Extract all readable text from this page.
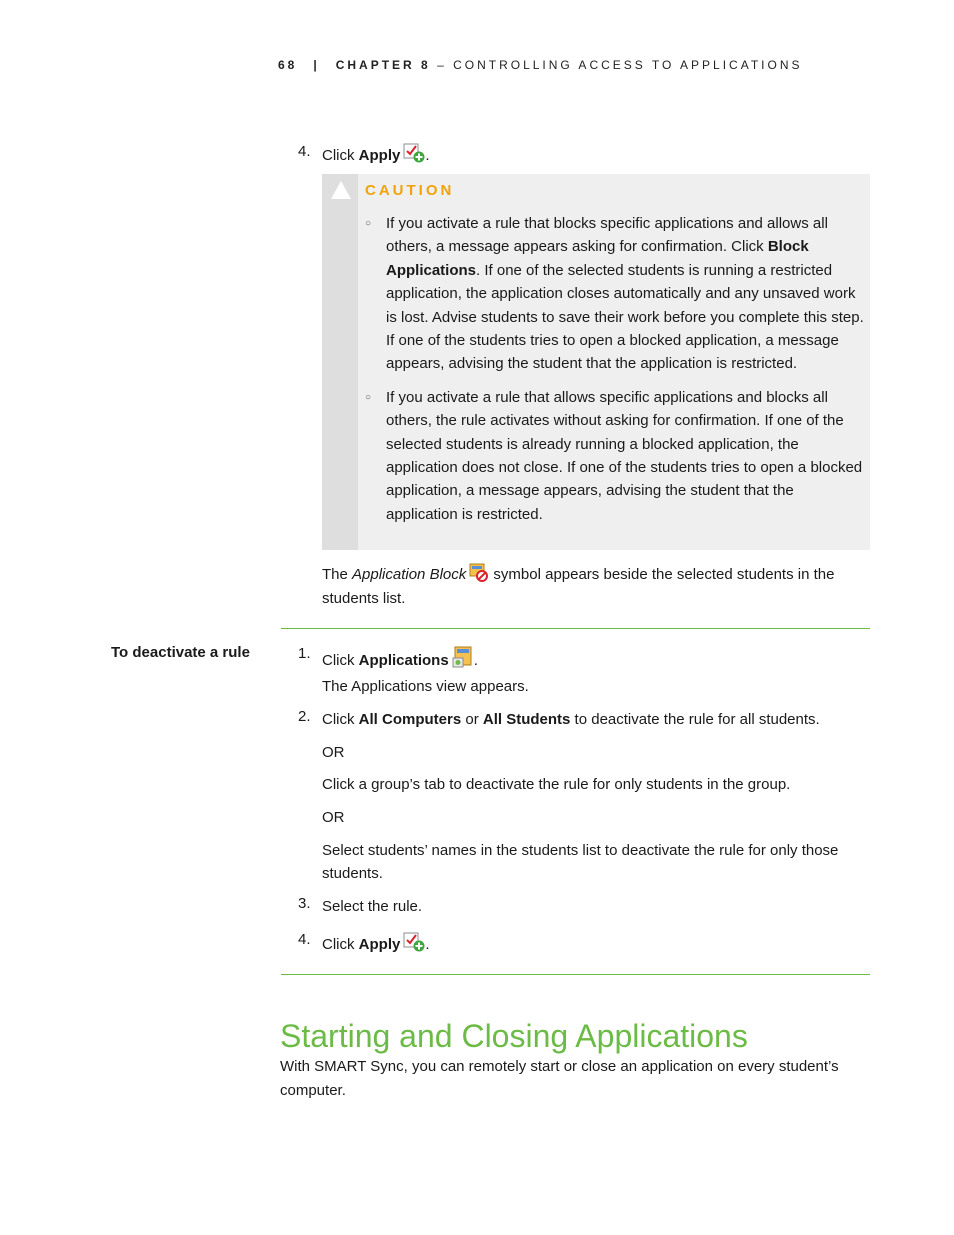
68 | CHAPTER 8 – CONTROLLING ACCESS TO APPLICATIONS
4. Click Apply .
CAUTION
○ If you activate a rule that blocks specific applications and allows all others, a message appears asking for confirmation. Click Block Applications. If one of the selected students is running a restricted application, the application closes automatically and any unsaved work is lost. Advise students to save their work before you complete this step. If one of the students tries to open a blocked application, a message appears, advising the student that the application is restricted.
○ If you activate a rule that allows specific applications and blocks all others, the rule activates without asking for confirmation. If one of the selected students is already running a blocked application, the application does not close. If one of the students tries to open a blocked application, a message appears, advising the student that the application is restricted.
The Application Block symbol appears beside the selected students in the students list.
To deactivate a rule	1. Click Applications .
The Applications view appears.
2. Click All Computers or All Students to deactivate the rule for all students.
OR
Click a group’s tab to deactivate the rule for only students in the group.
OR
Select students’ names in the students list to deactivate the rule for only those students.
3. Select the rule.
4. Click Apply .
Starting and Closing Applications
With SMART Sync, you can remotely start or close an application on every student’s computer.
